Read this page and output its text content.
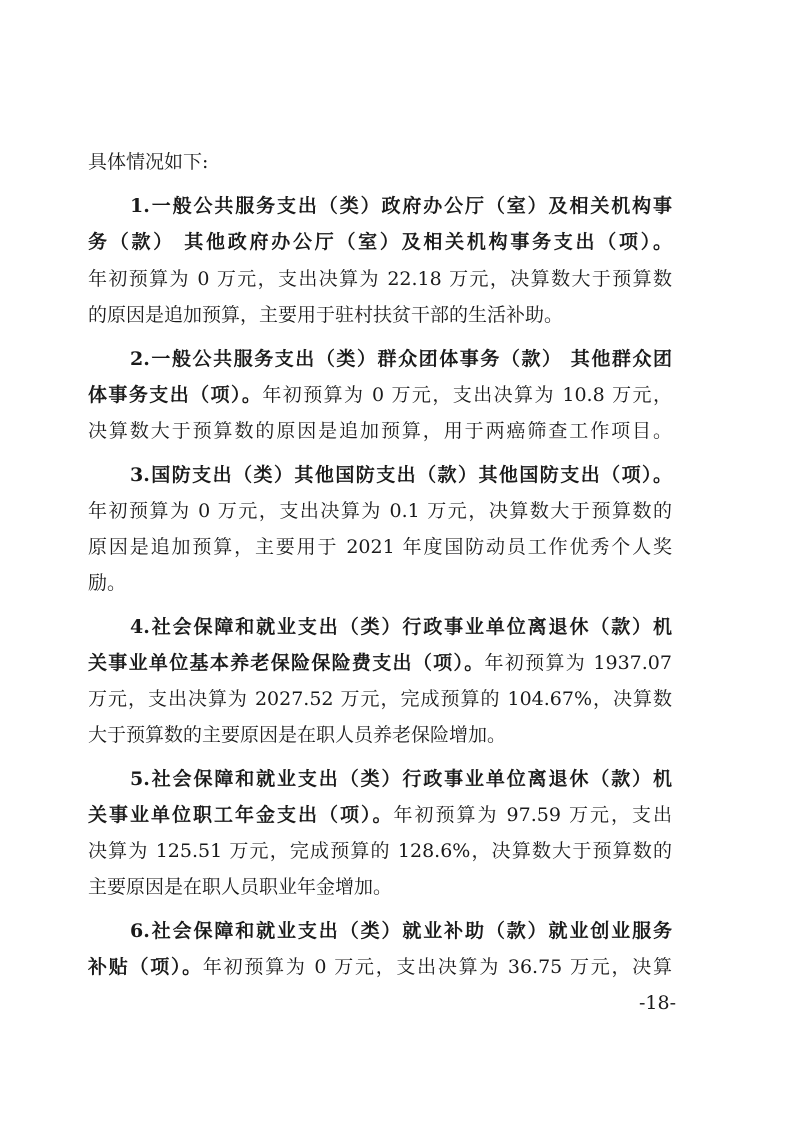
具体情况如下:
1.一般公共服务支出（类）政府办公厅（室）及相关机构事
务（款） 其他政府办公厅（室）及相关机构事务支出（项）。
年初预算为 0 万元，支出决算为 22.18 万元，决算数大于预算数
的原因是追加预算，主要用于驻村扶贫干部的生活补助。
2.一般公共服务支出（类）群众团体事务（款） 其他群众团
体事务支出（项）。年初预算为 0 万元，支出决算为 10.8 万元，
决算数大于预算数的原因是追加预算，用于两癌筛查工作项目。
3.国防支出（类）其他国防支出（款）其他国防支出（项）。
年初预算为 0 万元，支出决算为 0.1 万元，决算数大于预算数的
原因是追加预算，主要用于 2021 年度国防动员工作优秀个人奖
励。
4.社会保障和就业支出（类）行政事业单位离退休（款）机
关事业单位基本养老保险保险费支出（项）。年初预算为 1937.07
万元，支出决算为 2027.52 万元，完成预算的 104.67%，决算数
大于预算数的主要原因是在职人员养老保险增加。
5.社会保障和就业支出（类）行政事业单位离退休（款）机
关事业单位职工年金支出（项）。年初预算为 97.59 万元，支出
决算为 125.51 万元，完成预算的 128.6%，决算数大于预算数的
主要原因是在职人员职业年金增加。
6.社会保障和就业支出（类）就业补助（款）就业创业服务
补贴（项）。年初预算为 0 万元，支出决算为 36.75 万元，决算
-18-
